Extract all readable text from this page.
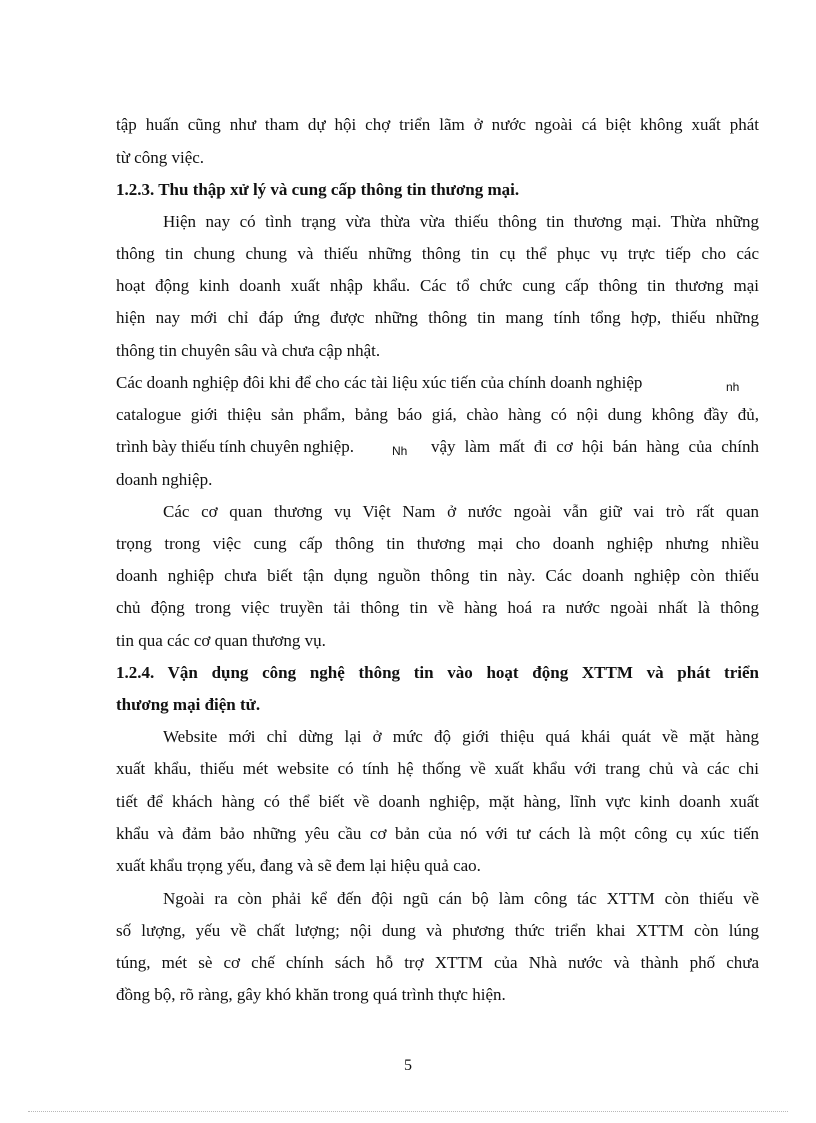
tập huấn cũng như tham dự hội chợ triển lãm ở nước ngoài cá biệt không xuất phát
từ công việc.
1.2.3. Thu thập xử lý và cung cấp thông tin thương mại.
Hiện nay có tình trạng vừa thừa vừa thiếu thông tin thương mại. Thừa những
thông tin chung chung và thiếu những thông tin cụ thể phục vụ trực tiếp cho các
hoạt động kinh doanh xuất nhập khẩu. Các tổ chức cung cấp thông tin thương mại
hiện nay mới chỉ đáp ứng được những thông tin mang tính tổng hợp, thiếu những
thông tin chuyên sâu và chưa cập nhật.
Các doanh nghiệp đôi khi để cho các tài liệu xúc tiến của chính doanh nghiệp	nh
catalogue giới thiệu sản phẩm, bảng báo giá, chào hàng có nội dung không đầy đủ,
trình bày thiếu tính chuyên nghiệp.	Nh vậy làm mất đi cơ hội bán hàng của chính
doanh nghiệp.
Các cơ quan thương vụ Việt Nam ở nước ngoài vẫn giữ vai trò rất quan
trọng trong việc cung cấp thông tin thương mại cho doanh nghiệp nhưng nhiều
doanh nghiệp chưa biết tận dụng nguồn thông tin này. Các doanh nghiệp còn thiếu
chủ động trong việc truyền tải thông tin về hàng hoá ra nước ngoài nhất là thông
tin qua các cơ quan thương vụ.
1.2.4. Vận dụng công nghệ thông tin vào hoạt động XTTM và phát triển
thương mại điện tử.
Website mới chỉ dừng lại ở mức độ giới thiệu quá khái quát về mặt hàng
xuất khẩu, thiếu mét website có tính hệ thống về xuất khẩu với trang chủ và các chi
tiết để khách hàng có thể biết về doanh nghiệp, mặt hàng, lĩnh vực kinh doanh xuất
khẩu và đảm bảo những yêu cầu cơ bản của nó với tư cách là một công cụ xúc tiến
xuất khẩu trọng yếu, đang và sẽ đem lại hiệu quả cao.
Ngoài ra còn phải kể đến đội ngũ cán bộ làm công tác XTTM còn thiếu về
số lượng, yếu về chất lượng; nội dung và phương thức triển khai XTTM còn lúng
túng, mét sè cơ chế chính sách hỗ trợ XTTM của Nhà nước và thành phố chưa
đồng bộ, rõ ràng, gây khó khăn trong quá trình thực hiện.
5
